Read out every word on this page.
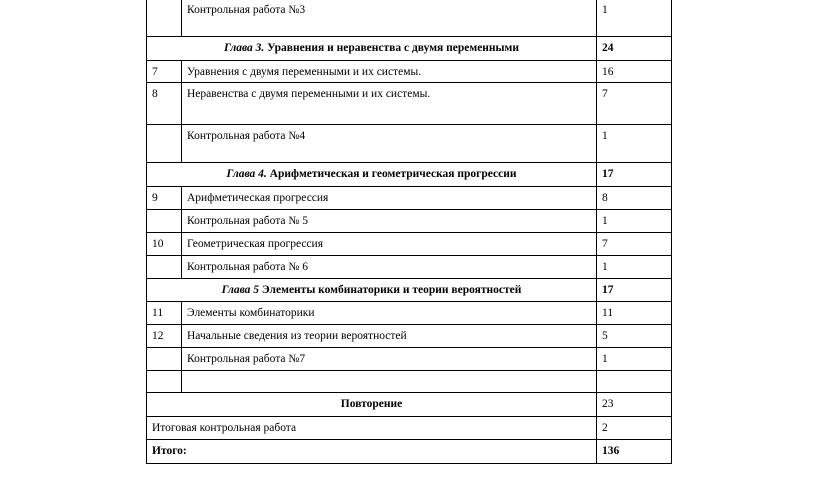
	Контрольная работа №3	1
Глава 3. Уравнения и неравенства с двумя переменными		24
7	Уравнения с двумя переменными и их системы.	16
8	Неравенства с двумя переменными и их системы.	7
	Контрольная работа №4	1
Глава 4. Арифметическая и геометрическая прогрессии		17
9	Арифметическая прогрессия	8
	Контрольная работа № 5	1
10	Геометрическая прогрессия	7
	Контрольная работа № 6	1
Глава 5 Элементы комбинаторики и теории вероятностей		17
11	Элементы комбинаторики	11
12	Начальные сведения из теории вероятностей	5
	Контрольная работа №7	1

Повторение		23
Итоговая контрольная работа		2
Итого:		136
